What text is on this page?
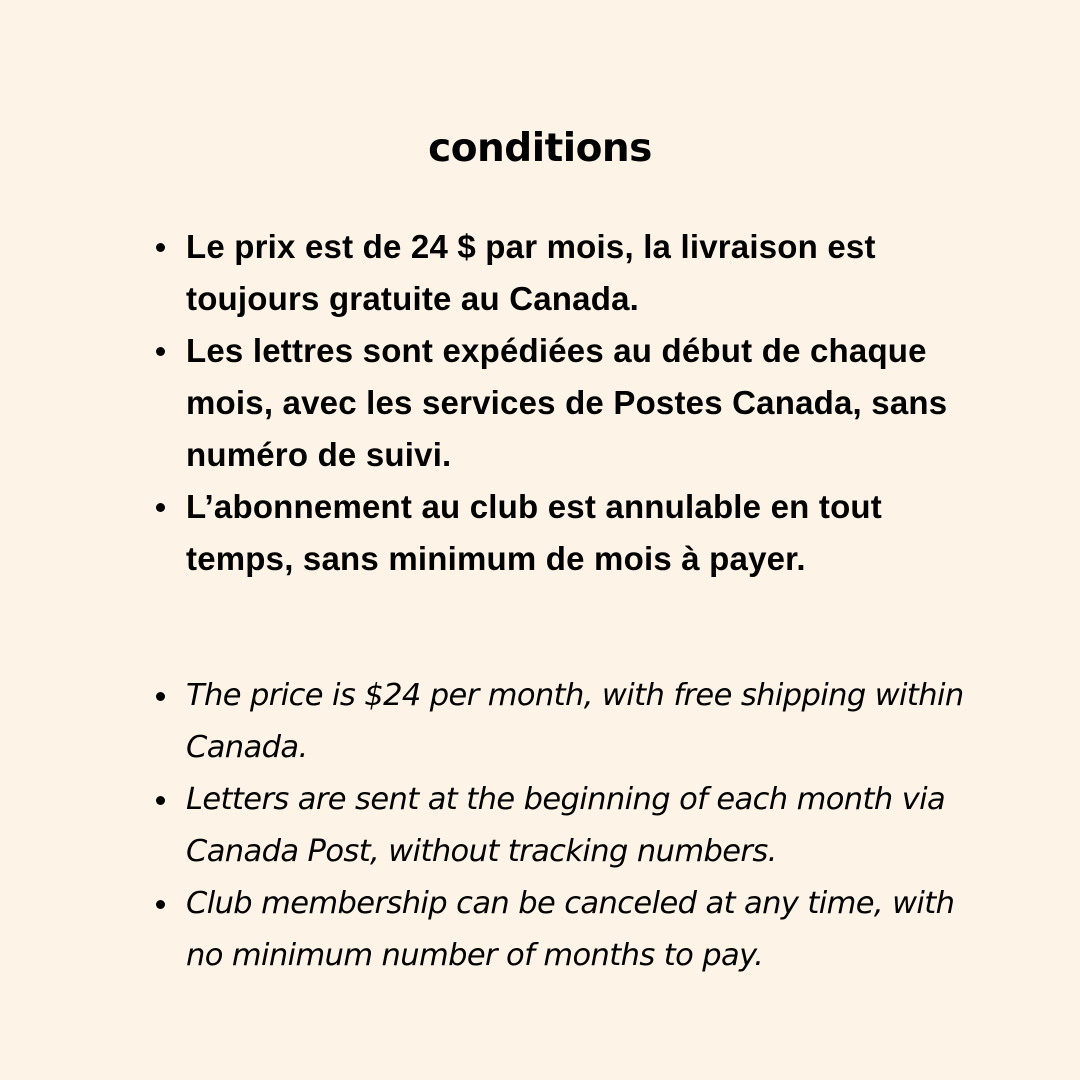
conditions
Le prix est de 24 $ par mois, la livraison est toujours gratuite au Canada.
Les lettres sont expédiées au début de chaque mois, avec les services de Postes Canada, sans numéro de suivi.
L’abonnement au club est annulable en tout temps, sans minimum de mois à payer.
The price is $24 per month, with free shipping within Canada.
Letters are sent at the beginning of each month via Canada Post, without tracking numbers.
Club membership can be canceled at any time, with no minimum number of months to pay.
